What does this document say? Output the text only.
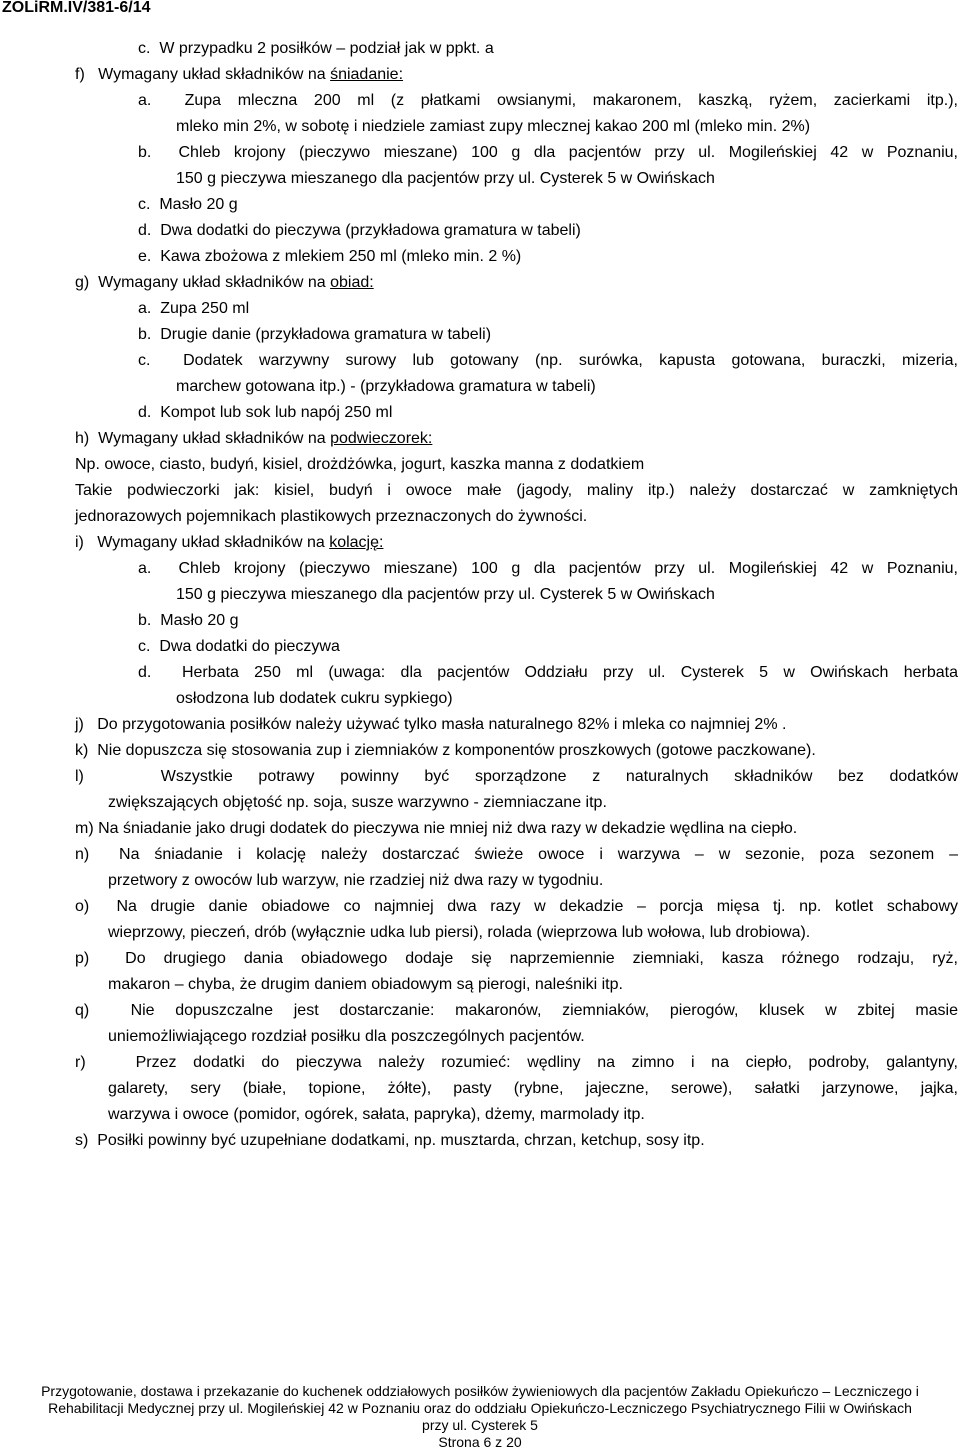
ZOLiRM.IV/381-6/14
c.  W przypadku 2 posiłków – podział jak w ppkt. a
f)   Wymagany układ składników na śniadanie:
a.  Zupa mleczna 200 ml (z płatkami owsianymi, makaronem, kaszką, ryżem, zacierkami itp.),
mleko min 2%, w sobotę i niedziele zamiast zupy mlecznej kakao 200 ml (mleko min. 2%)
b.  Chleb krojony (pieczywo mieszane) 100 g dla pacjentów przy ul. Mogileńskiej 42 w Poznaniu,
150 g pieczywa mieszanego dla pacjentów przy ul. Cysterek 5 w Owińskach
c.  Masło 20 g
d.  Dwa dodatki do pieczywa (przykładowa gramatura w tabeli)
e.  Kawa zbożowa z mlekiem 250 ml (mleko min. 2 %)
g)  Wymagany układ składników na obiad:
a.  Zupa 250 ml
b.  Drugie danie (przykładowa gramatura w tabeli)
c.  Dodatek warzywny surowy lub gotowany (np. surówka, kapusta gotowana, buraczki, mizeria,
marchew gotowana itp.) - (przykładowa gramatura w tabeli)
d.  Kompot lub sok lub napój 250 ml
h)  Wymagany układ składników na podwieczorek:
Np. owoce, ciasto, budyń, kisiel, drożdżówka, jogurt, kaszka manna z dodatkiem
Takie podwieczorki jak: kisiel, budyń i owoce małe (jagody, maliny itp.) należy dostarczać w zamkniętych
jednorazowych pojemnikach plastikowych przeznaczonych do żywności.
i)   Wymagany układ składników na kolację:
a.  Chleb krojony (pieczywo mieszane) 100 g dla pacjentów przy ul. Mogileńskiej 42 w Poznaniu,
150 g pieczywa mieszanego dla pacjentów przy ul. Cysterek 5 w Owińskach
b.  Masło 20 g
c.  Dwa dodatki do pieczywa
d.  Herbata 250 ml (uwaga: dla pacjentów Oddziału przy ul. Cysterek 5 w Owińskach herbata
osłodzona lub dodatek cukru sypkiego)
j)   Do przygotowania posiłków należy używać tylko masła naturalnego 82% i mleka co najmniej 2% .
k)  Nie dopuszcza się stosowania zup i ziemniaków z komponentów proszkowych (gotowe paczkowane).
l)   Wszystkie potrawy powinny być sporządzone z naturalnych składników bez dodatków
zwiększających objętość np. soja, susze warzywno - ziemniaczane itp.
m) Na śniadanie jako drugi dodatek do pieczywa nie mniej niż dwa razy w dekadzie wędlina na ciepło.
n)  Na śniadanie i kolację należy dostarczać świeże owoce i warzywa – w sezonie, poza sezonem –
przetwory z owoców lub warzyw, nie rzadziej niż dwa razy w tygodniu.
o)  Na drugie danie obiadowe co najmniej dwa razy w dekadzie – porcja mięsa tj. np. kotlet schabowy
wieprzowy, pieczeń, drób (wyłącznie udka lub piersi), rolada (wieprzowa lub wołowa, lub drobiowa).
p)  Do drugiego dania obiadowego dodaje się naprzemiennie ziemniaki, kasza różnego rodzaju, ryż,
makaron – chyba, że drugim daniem obiadowym są pierogi, naleśniki itp.
q)  Nie dopuszczalne jest dostarczanie: makaronów, ziemniaków, pierogów, klusek w zbitej masie
uniemożliwiającego rozdział posiłku dla poszczególnych pacjentów.
r)   Przez dodatki do pieczywa należy rozumieć: wędliny na zimno i na ciepło, podroby, galantyny,
galarety, sery (białe, topione, żółte), pasty (rybne, jajeczne, serowe), sałatki jarzynowe, jajka,
warzywa i owoce (pomidor, ogórek, sałata, papryka), dżemy, marmolady itp.
s)  Posiłki powinny być uzupełniane dodatkami, np. musztarda, chrzan, ketchup, sosy itp.
Przygotowanie, dostawa i przekazanie do kuchenek oddziałowych posiłków żywieniowych dla pacjentów Zakładu Opiekuńczo – Leczniczego i
Rehabilitacji Medycznej przy ul. Mogileńskiej 42 w Poznaniu oraz do oddziału Opiekuńczo-Leczniczego Psychiatrycznego Filii w Owińskach
przy ul. Cysterek 5
Strona 6 z 20
